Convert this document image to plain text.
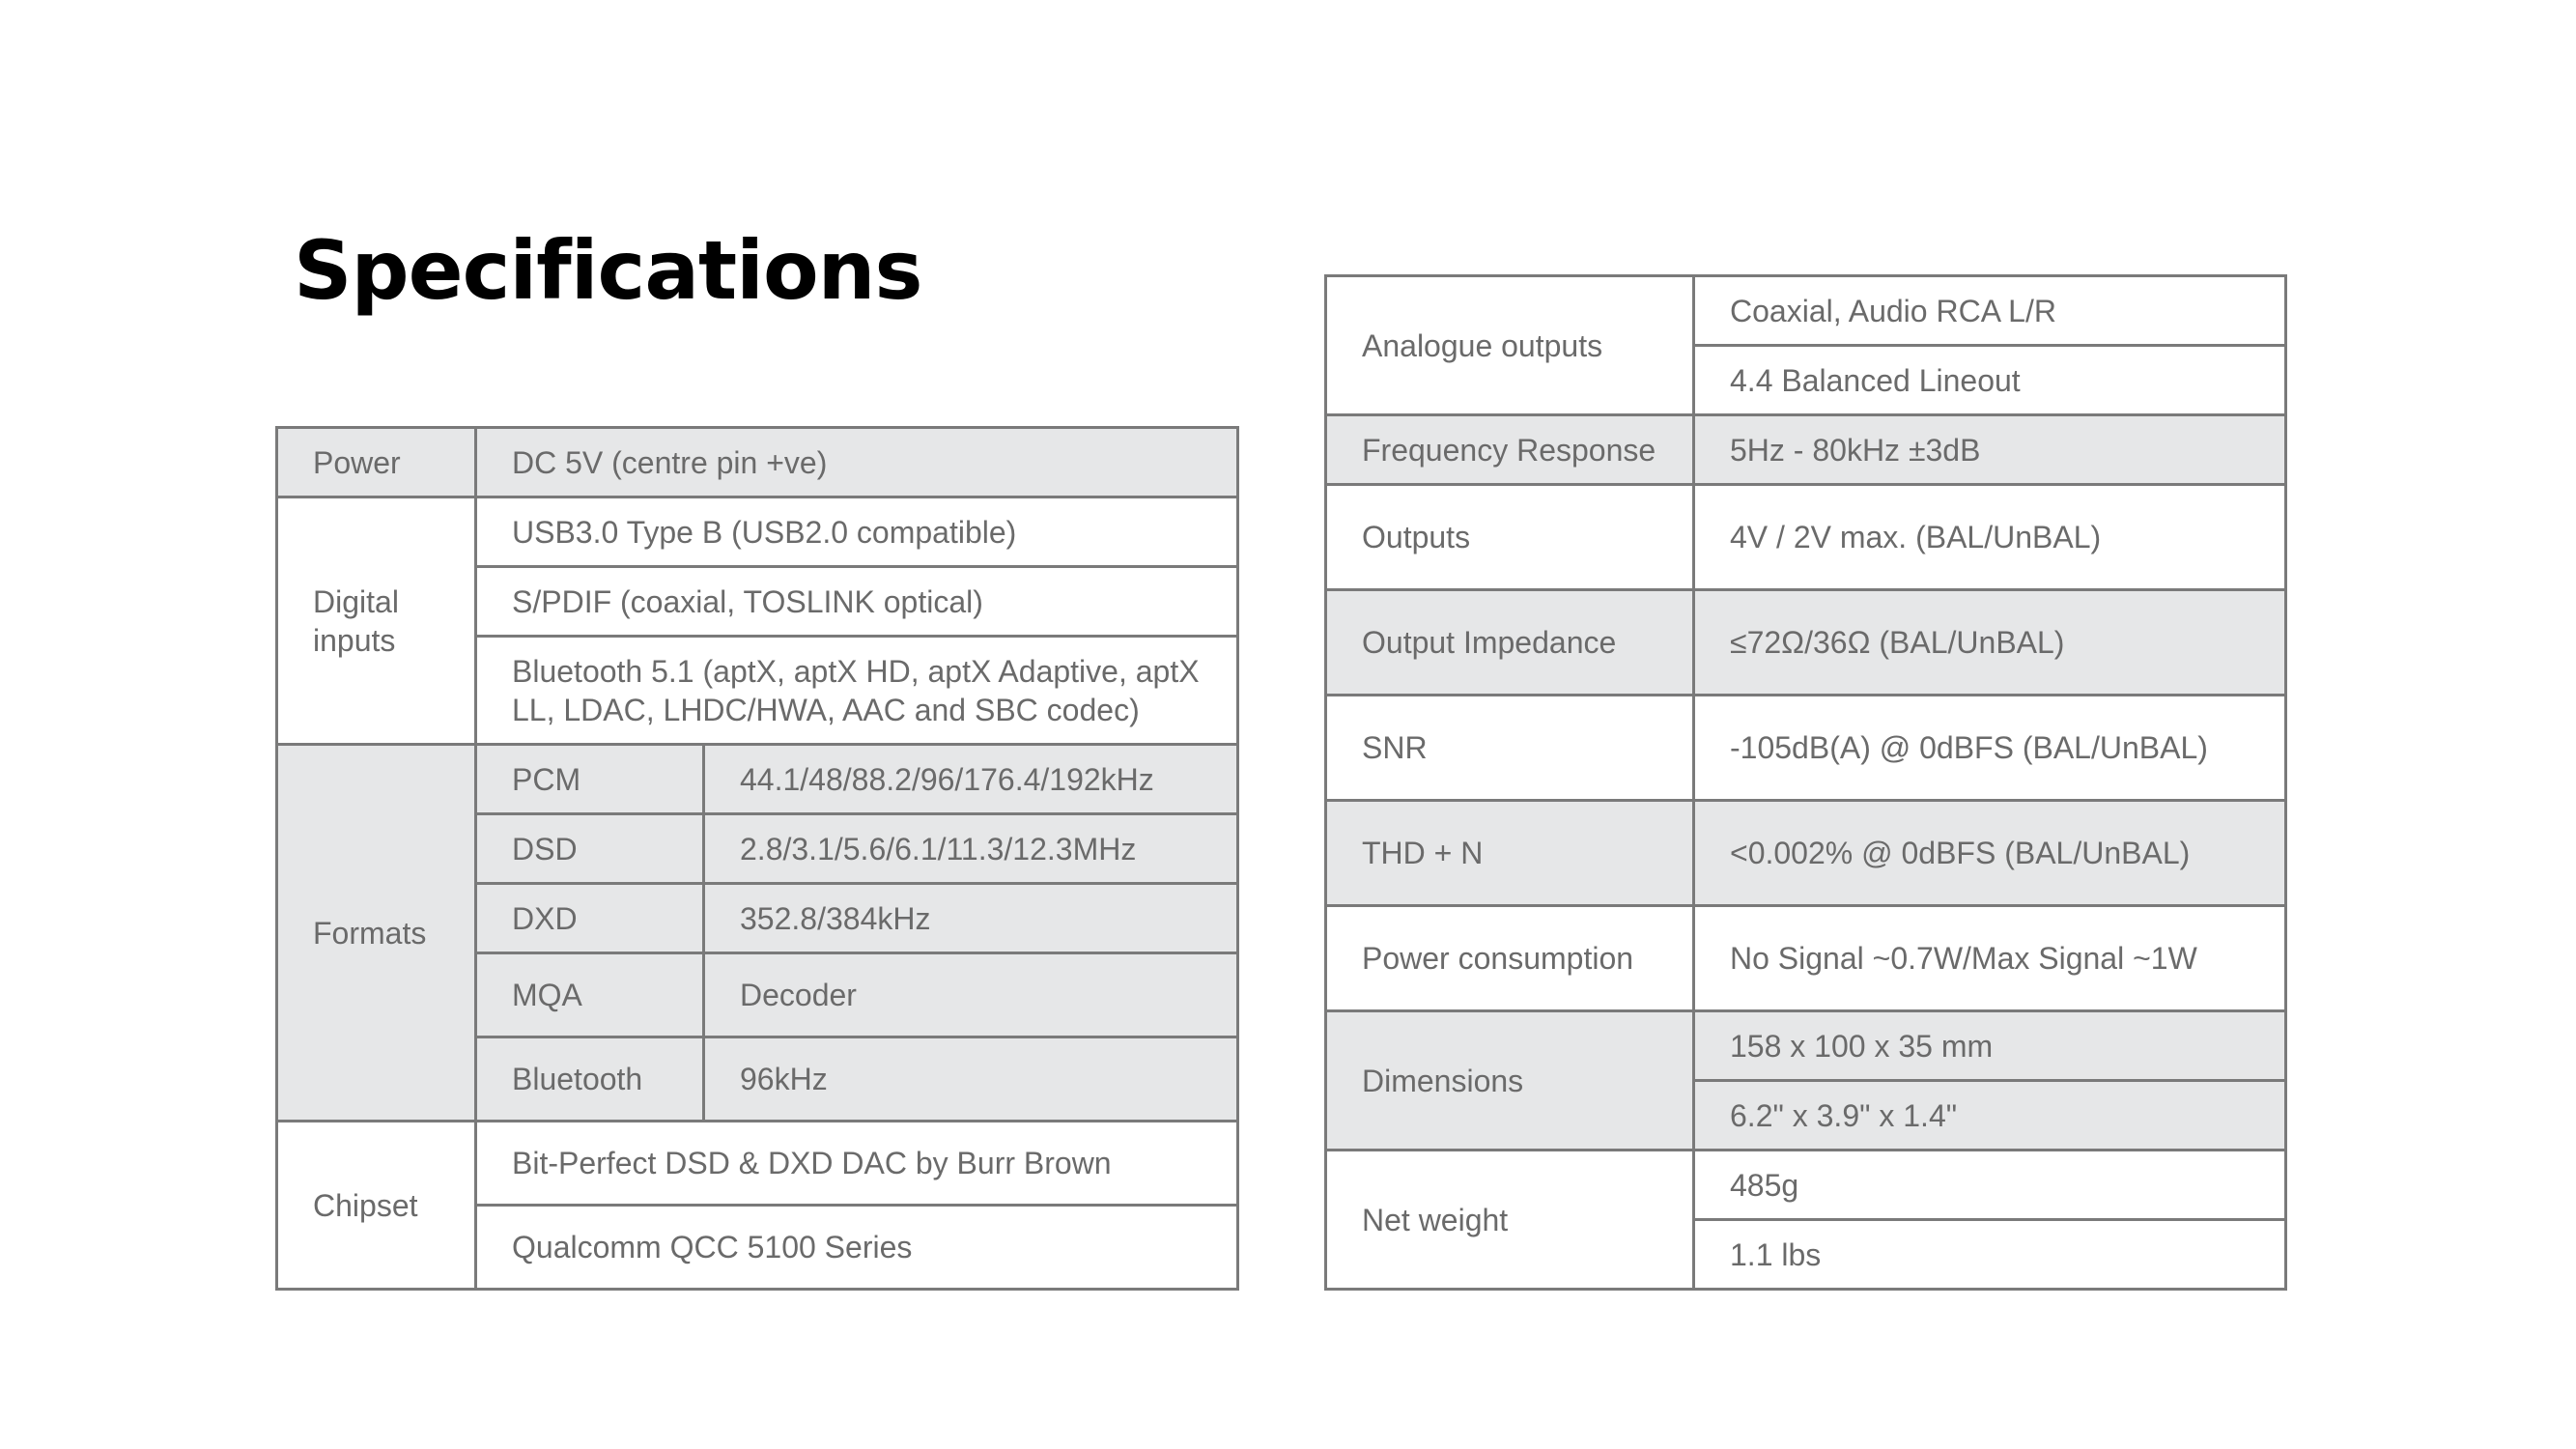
Specifications
Power	DC 5V (centre pin +ve)	
Digital inputs	USB3.0 Type B (USB2.0 compatible)	
	S/PDIF (coaxial, TOSLINK optical)	
	Bluetooth 5.1 (aptX, aptX HD, aptX Adaptive, aptX LL, LDAC, LHDC/HWA, AAC and SBC codec)	
Formats	PCM	44.1/48/88.2/96/176.4/192kHz
	DSD	2.8/3.1/5.6/6.1/11.3/12.3MHz
	DXD	352.8/384kHz
	MQA	Decoder
	Bluetooth	96kHz
Chipset	Bit-Perfect DSD & DXD DAC by Burr Brown	
	Qualcomm QCC 5100 Series	
Analogue outputs	Coaxial, Audio RCA L/R
	4.4 Balanced Lineout
Frequency Response	5Hz - 80kHz ±3dB
Outputs	4V / 2V max. (BAL/UnBAL)
Output Impedance	≤72Ω/36Ω (BAL/UnBAL)
SNR	-105dB(A) @ 0dBFS (BAL/UnBAL)
THD + N	<0.002% @ 0dBFS (BAL/UnBAL)
Power consumption	No Signal ~0.7W/Max Signal ~1W
Dimensions	158 x 100 x 35 mm
	6.2" x 3.9" x 1.4"
Net weight	485g
	1.1 lbs
